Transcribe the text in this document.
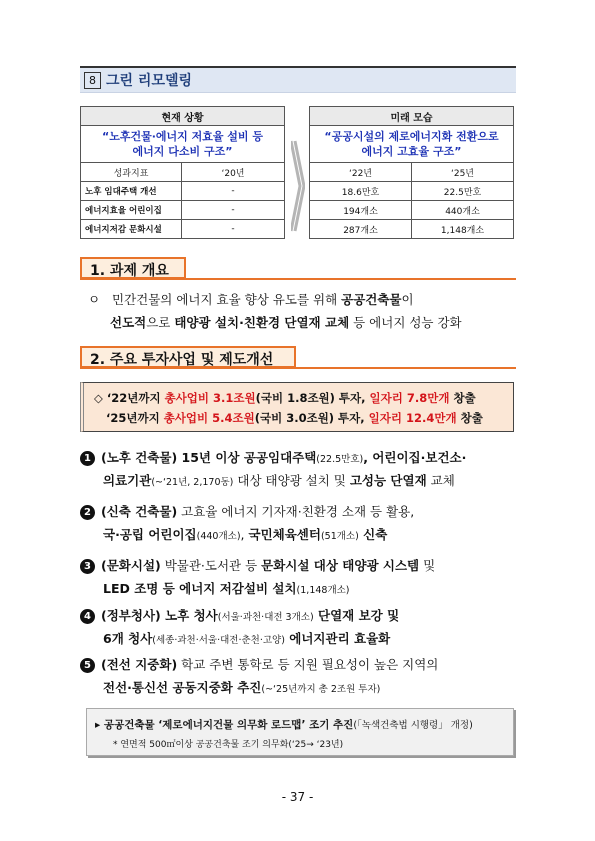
8 그린 리모델링
현재 상황	

“노후건물·에너지 저효율 설비 등
에너지 다소비 구조”	

성과지표	‘20년
노후 임대주택 개선	-
에너지효율 어린이집	-
에너지저감 문화시설	-
미래 모습	

“공공시설의 제로에너지화 전환으로
에너지 고효율 구조”	

‘22년	‘25년
18.6만호	22.5만호
194개소	440개소
287개소	1,148개소
1. 과제 개요
ㅇ 민간건물의 에너지 효율 향상 유도를 위해 공공건축물이
선도적으로 태양광 설치·친환경 단열재 교체 등 에너지 성능 강화
2. 주요 투자사업 및 제도개선
◇ ‘22년까지 총사업비 3.1조원(국비 1.8조원) 투자, 일자리 7.8만개 창출
‘25년까지 총사업비 5.4조원(국비 3.0조원) 투자, 일자리 12.4만개 창출
1 (노후 건축물) 15년 이상 공공임대주택(22.5만호), 어린이집·보건소·
의료기관(~‘21년, 2,170동) 대상 태양광 설치 및 고성능 단열재 교체
2 (신축 건축물) 고효율 에너지 기자재·친환경 소재 등 활용,
국·공립 어린이집(440개소), 국민체육센터(51개소) 신축
3 (문화시설) 박물관·도서관 등 문화시설 대상 태양광 시스템 및
LED 조명 등 에너지 저감설비 설치(1,148개소)
4 (정부청사) 노후 청사(서울·과천·대전 3개소) 단열재 보강 및
6개 청사(세종·과천·서울·대전·춘천·고양) 에너지관리 효율화
5 (전선 지중화) 학교 주변 통학로 등 지원 필요성이 높은 지역의
전선·통신선 공동지중화 추진(~‘25년까지 총 2조원 투자)
▸ 공공건축물 ‘제로에너지건물 의무화 로드맵’ 조기 추진(「녹색건축법 시행령」 개정)
* 연면적 500㎡이상 공공건축물 조기 의무화(‘25→ ‘23년)
- 37 -
